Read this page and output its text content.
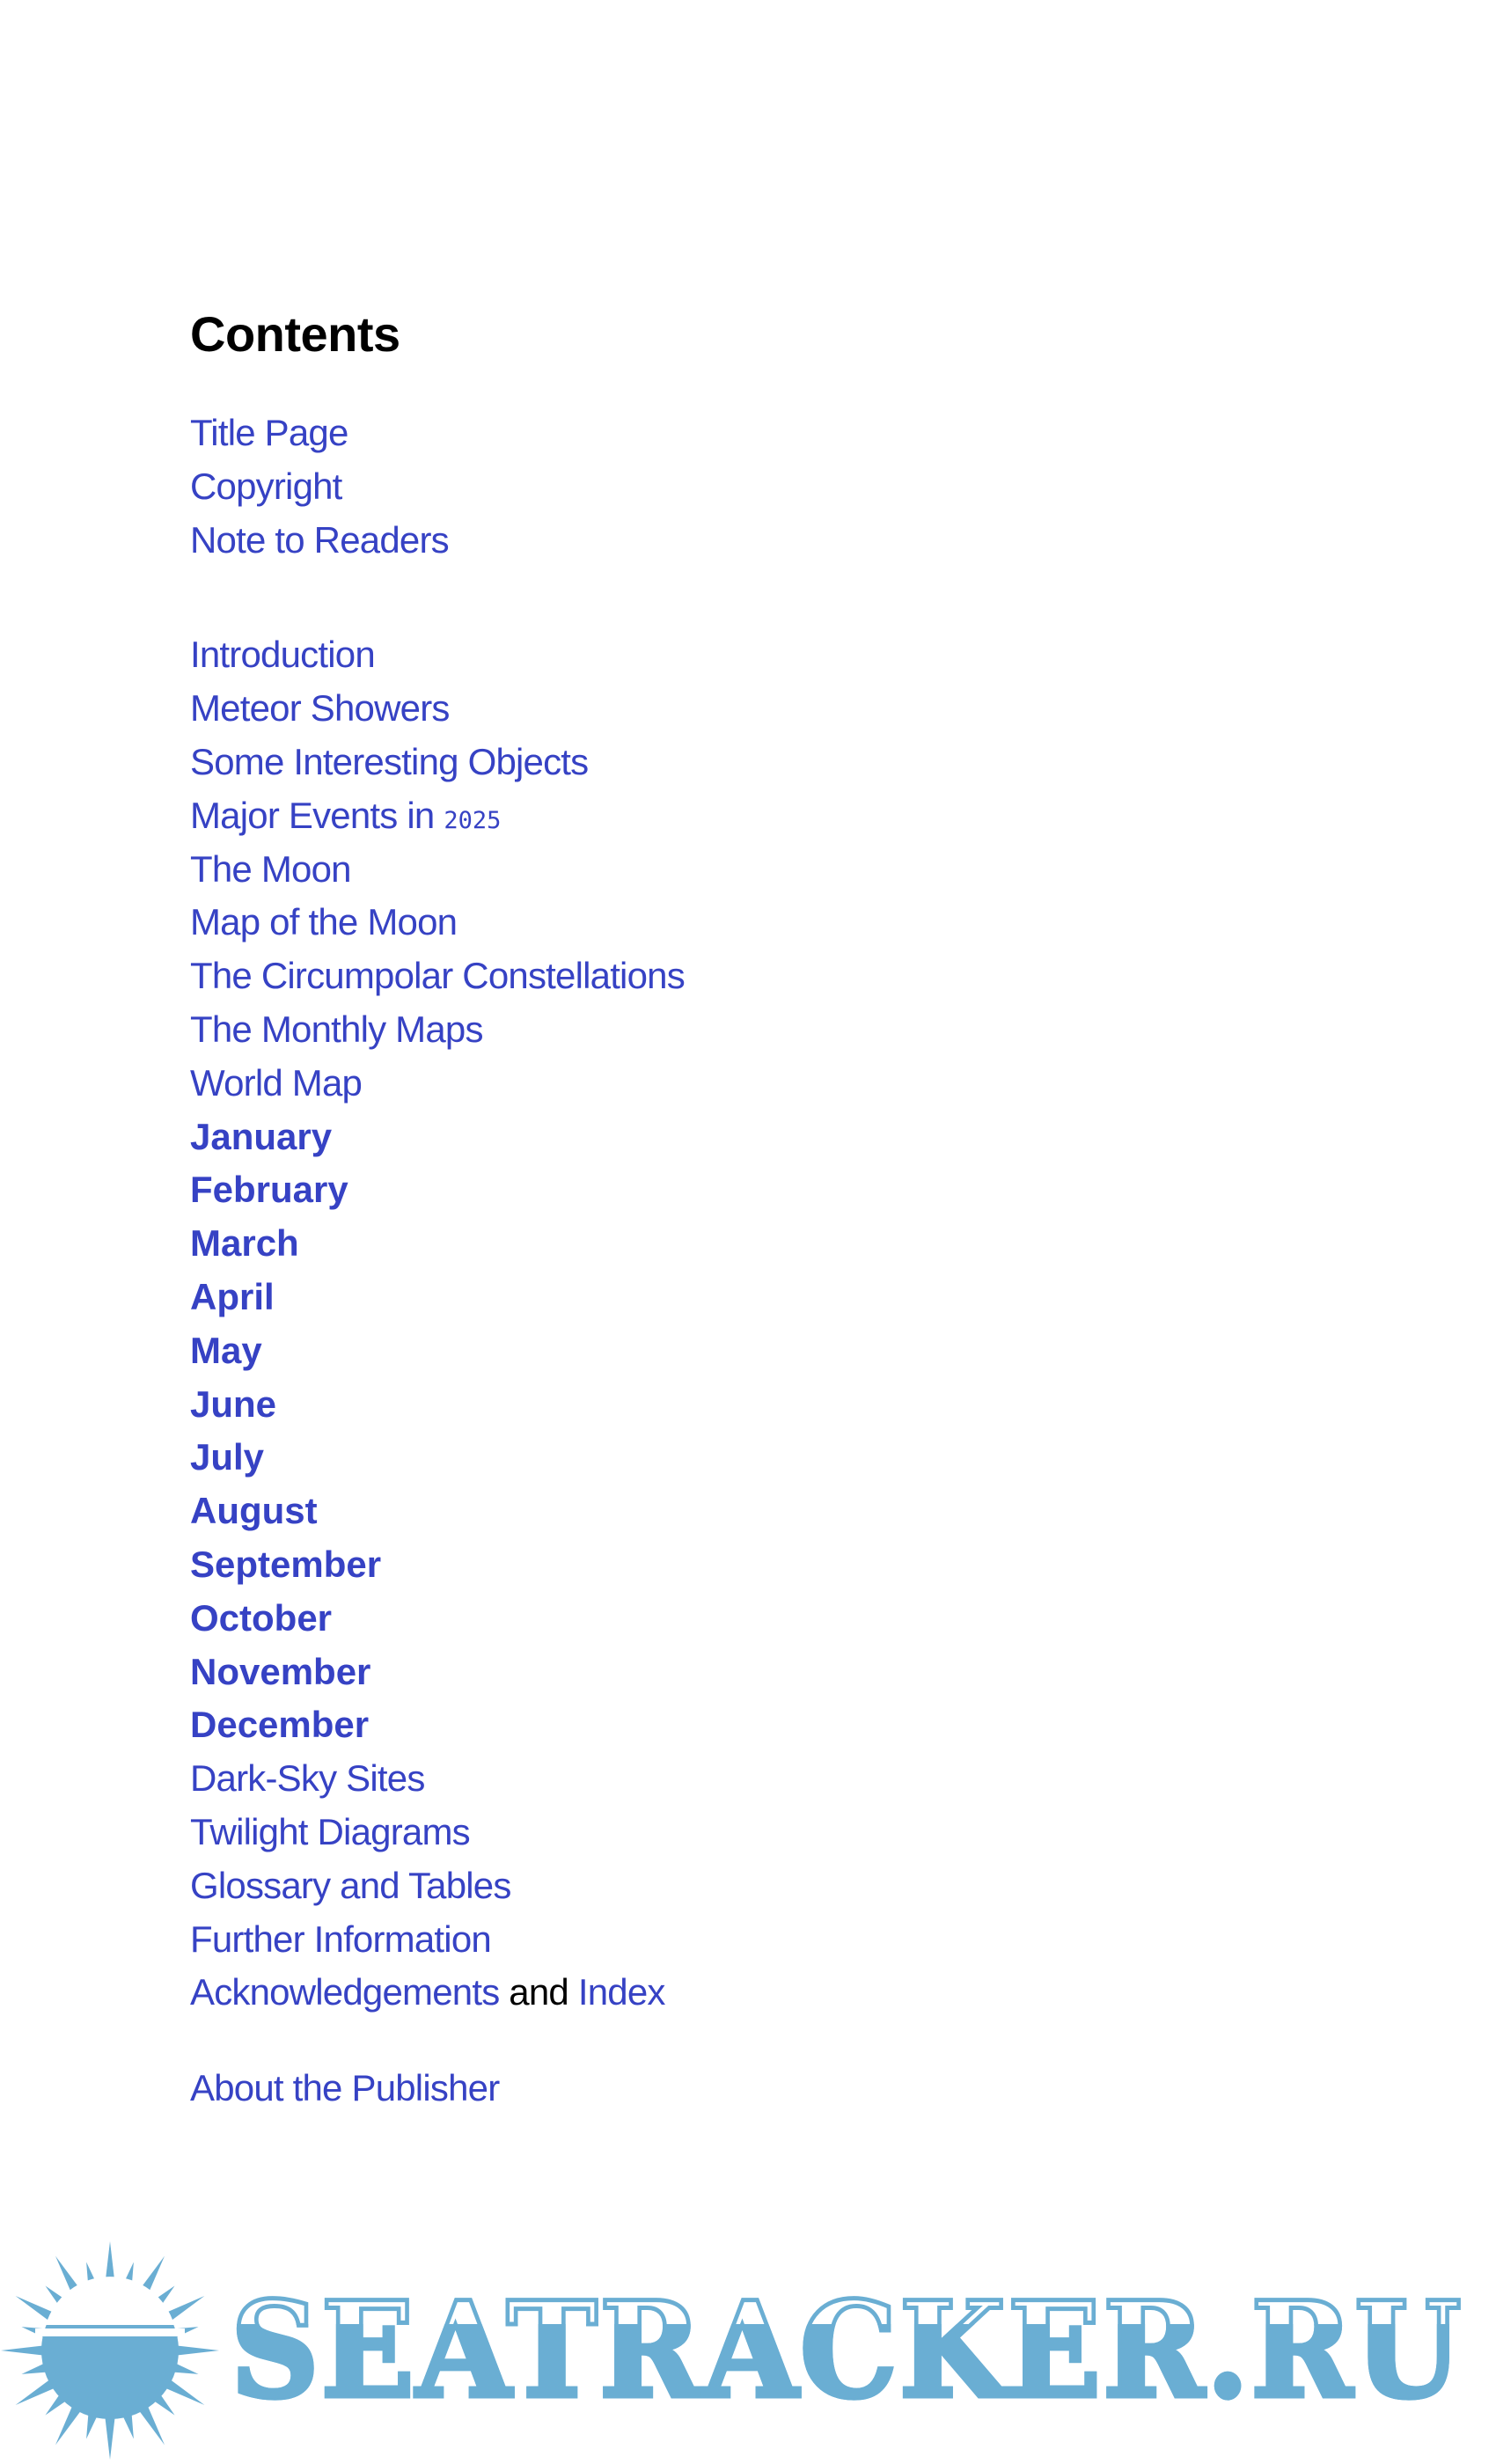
Contents
Title Page
Copyright
Note to Readers
Introduction
Meteor Showers
Some Interesting Objects
Major Events in 2025
The Moon
Map of the Moon
The Circumpolar Constellations
The Monthly Maps
World Map
January
February
March
April
May
June
July
August
September
October
November
December
Dark-Sky Sites
Twilight Diagrams
Glossary and Tables
Further Information
Acknowledgements and Index
About the Publisher
SEATRACKER.RU
